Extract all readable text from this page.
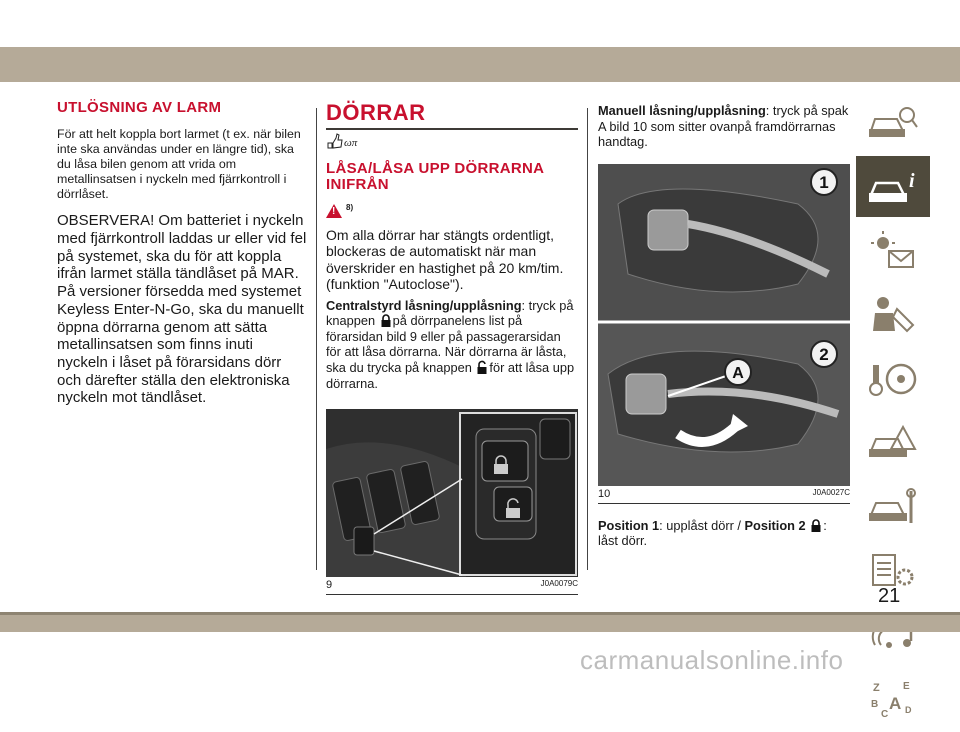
UTLÖSNING AV LARM

För att helt koppla bort larmet (t ex. när bilen inte ska användas under en längre tid), ska du låsa bilen genom att vrida om metallinsatsen i nyckeln med fjärrkontroll i dörrlåset.

OBSERVERA! Om batteriet i nyckeln med fjärrkontroll laddas ur eller vid fel på systemet, ska du för att koppla ifrån larmet ställa tändlåset på MAR. På versioner försedda med systemet Keyless Enter-N-Go, ska du manuellt öppna dörrarna genom att sätta metallinsatsen som finns inuti nyckeln i låset på förarsidans dörr och därefter ställa den elektroniska nyckeln mot tändlåset.

DÖRRAR
ωπ
LÅSA/LÅSA UPP DÖRRARNA INIFRÅN
!$^{8)}$

Om alla dörrar har stängts ordentligt, blockeras de automatiskt när man överskrider en hastighet på 20 km/tim. (funktion "Autoclose").

Centralstyrd låsning/upplåsning: tryck på knappen på dörrpanelens list på förarsidan bild 9 eller på passagerarsidan för att låsa dörrarna. När dörrarna är låsta, ska du trycka på knappen för att låsa upp dörrarna.

9	J0A0079C

Manuell låsning/upplåsning: tryck på spak A bild 10 som sitter ovanpå framdörrarnas handtag.

1
A
2
10	J0A0027C

Position 1: upplåst dörr / Position 2 : låst dörr.

i
Z E
B A
C D
21
carmanualsonline.info
